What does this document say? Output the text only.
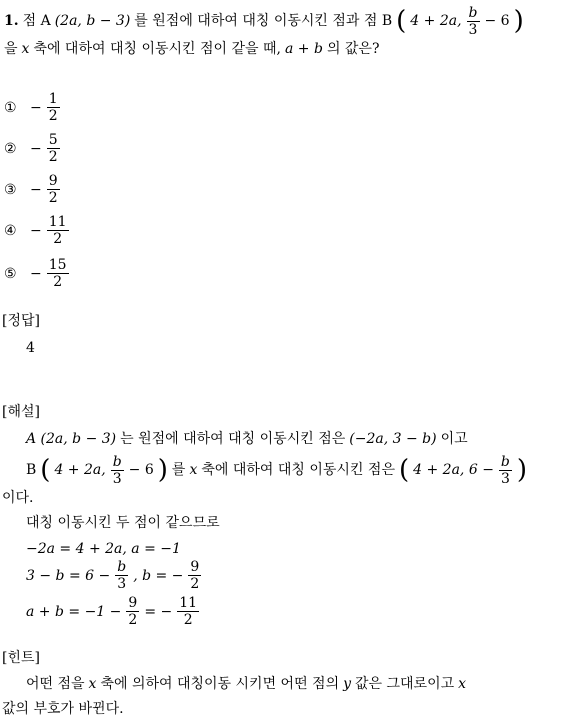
1. 점 A (2a, b − 3) 를 원점에 대하여 대칭 이동시킨 점과 점 B ( 4 + 2a, $\frac{b}{3} - 6$ )
을 x 축에 대하여 대칭 이동시킨 점이 같을 때, a + b 의 값은?
① − $\frac{1}{2}$
② − $\frac{5}{2}$
③ − $\frac{9}{2}$
④ − $\frac{11}{2}$
⑤ − $\frac{15}{2}$
[정답]
4
[해설]
A (2a, b − 3) 는 원점에 대하여 대칭 이동시킨 점은 (−2a, 3 − b) 이고
B ( 4 + 2a, $\frac{b}{3} - 6$ ) 를 x 축에 대하여 대칭 이동시킨 점은 ( 4 + 2a, $6 - \frac{b}{3}$ )
이다.
대칭 이동시킨 두 점이 같으므로
−2a = 4 + 2a, a = −1
$3 - b = 6 - \frac{b}{3}$ , b = − $\frac{9}{2}$
$a + b = -1 - \frac{9}{2}$ = − $\frac{11}{2}$
[힌트]
어떤 점을 x 축에 의하여 대칭이동 시키면 어떤 점의 y 값은 그대로이고 x
값의 부호가 바뀐다.
